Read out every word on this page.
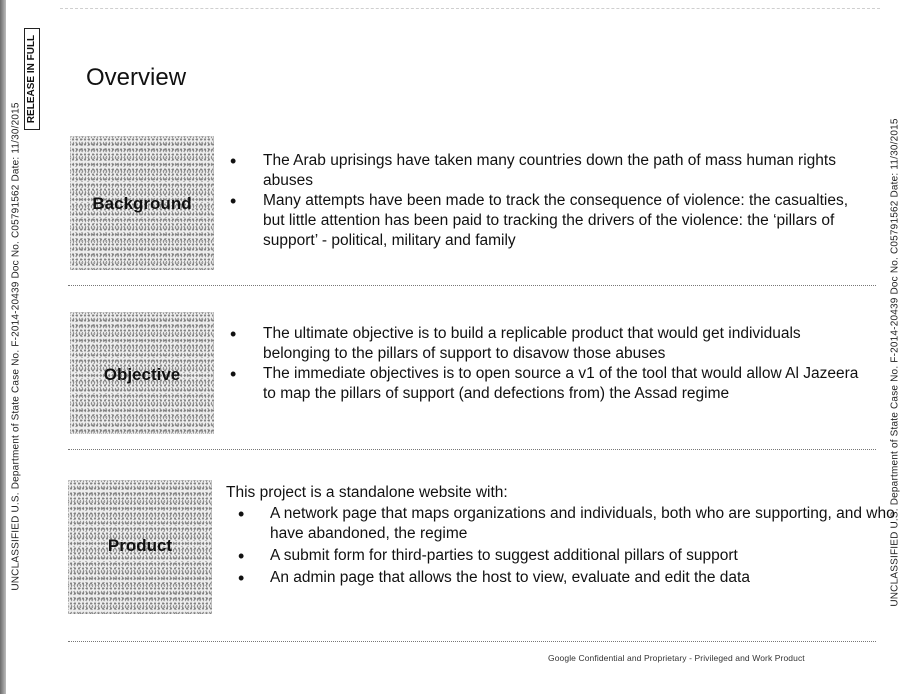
UNCLASSIFIED U.S. Department of State Case No. F-2014-20439 Doc No. C05791562 Date: 11/30/2015
RELEASE IN FULL
UNCLASSIFIED U.S. Department of State Case No. F-2014-20439 Doc No. C05791562 Date: 11/30/2015
Overview
Background
• The Arab uprisings have taken many countries down the path of mass human rights abuses
• Many attempts have been made to track the consequence of violence: the casualties, but little attention has been paid to tracking the drivers of the violence: the ‘pillars of support’ - political, military and family
Objective
• The ultimate objective is to build a replicable product that would get individuals belonging to the pillars of support to disavow those abuses
• The immediate objectives is to open source a v1 of the tool that would allow Al Jazeera to map the pillars of support (and defections from) the Assad regime
Product
This project is a standalone website with:
• A network page that maps organizations and individuals, both who are supporting, and who have abandoned, the regime
• A submit form for third-parties to suggest additional pillars of support
• An admin page that allows the host to view, evaluate and edit the data
Google Confidential and Proprietary - Privileged and Work Product
